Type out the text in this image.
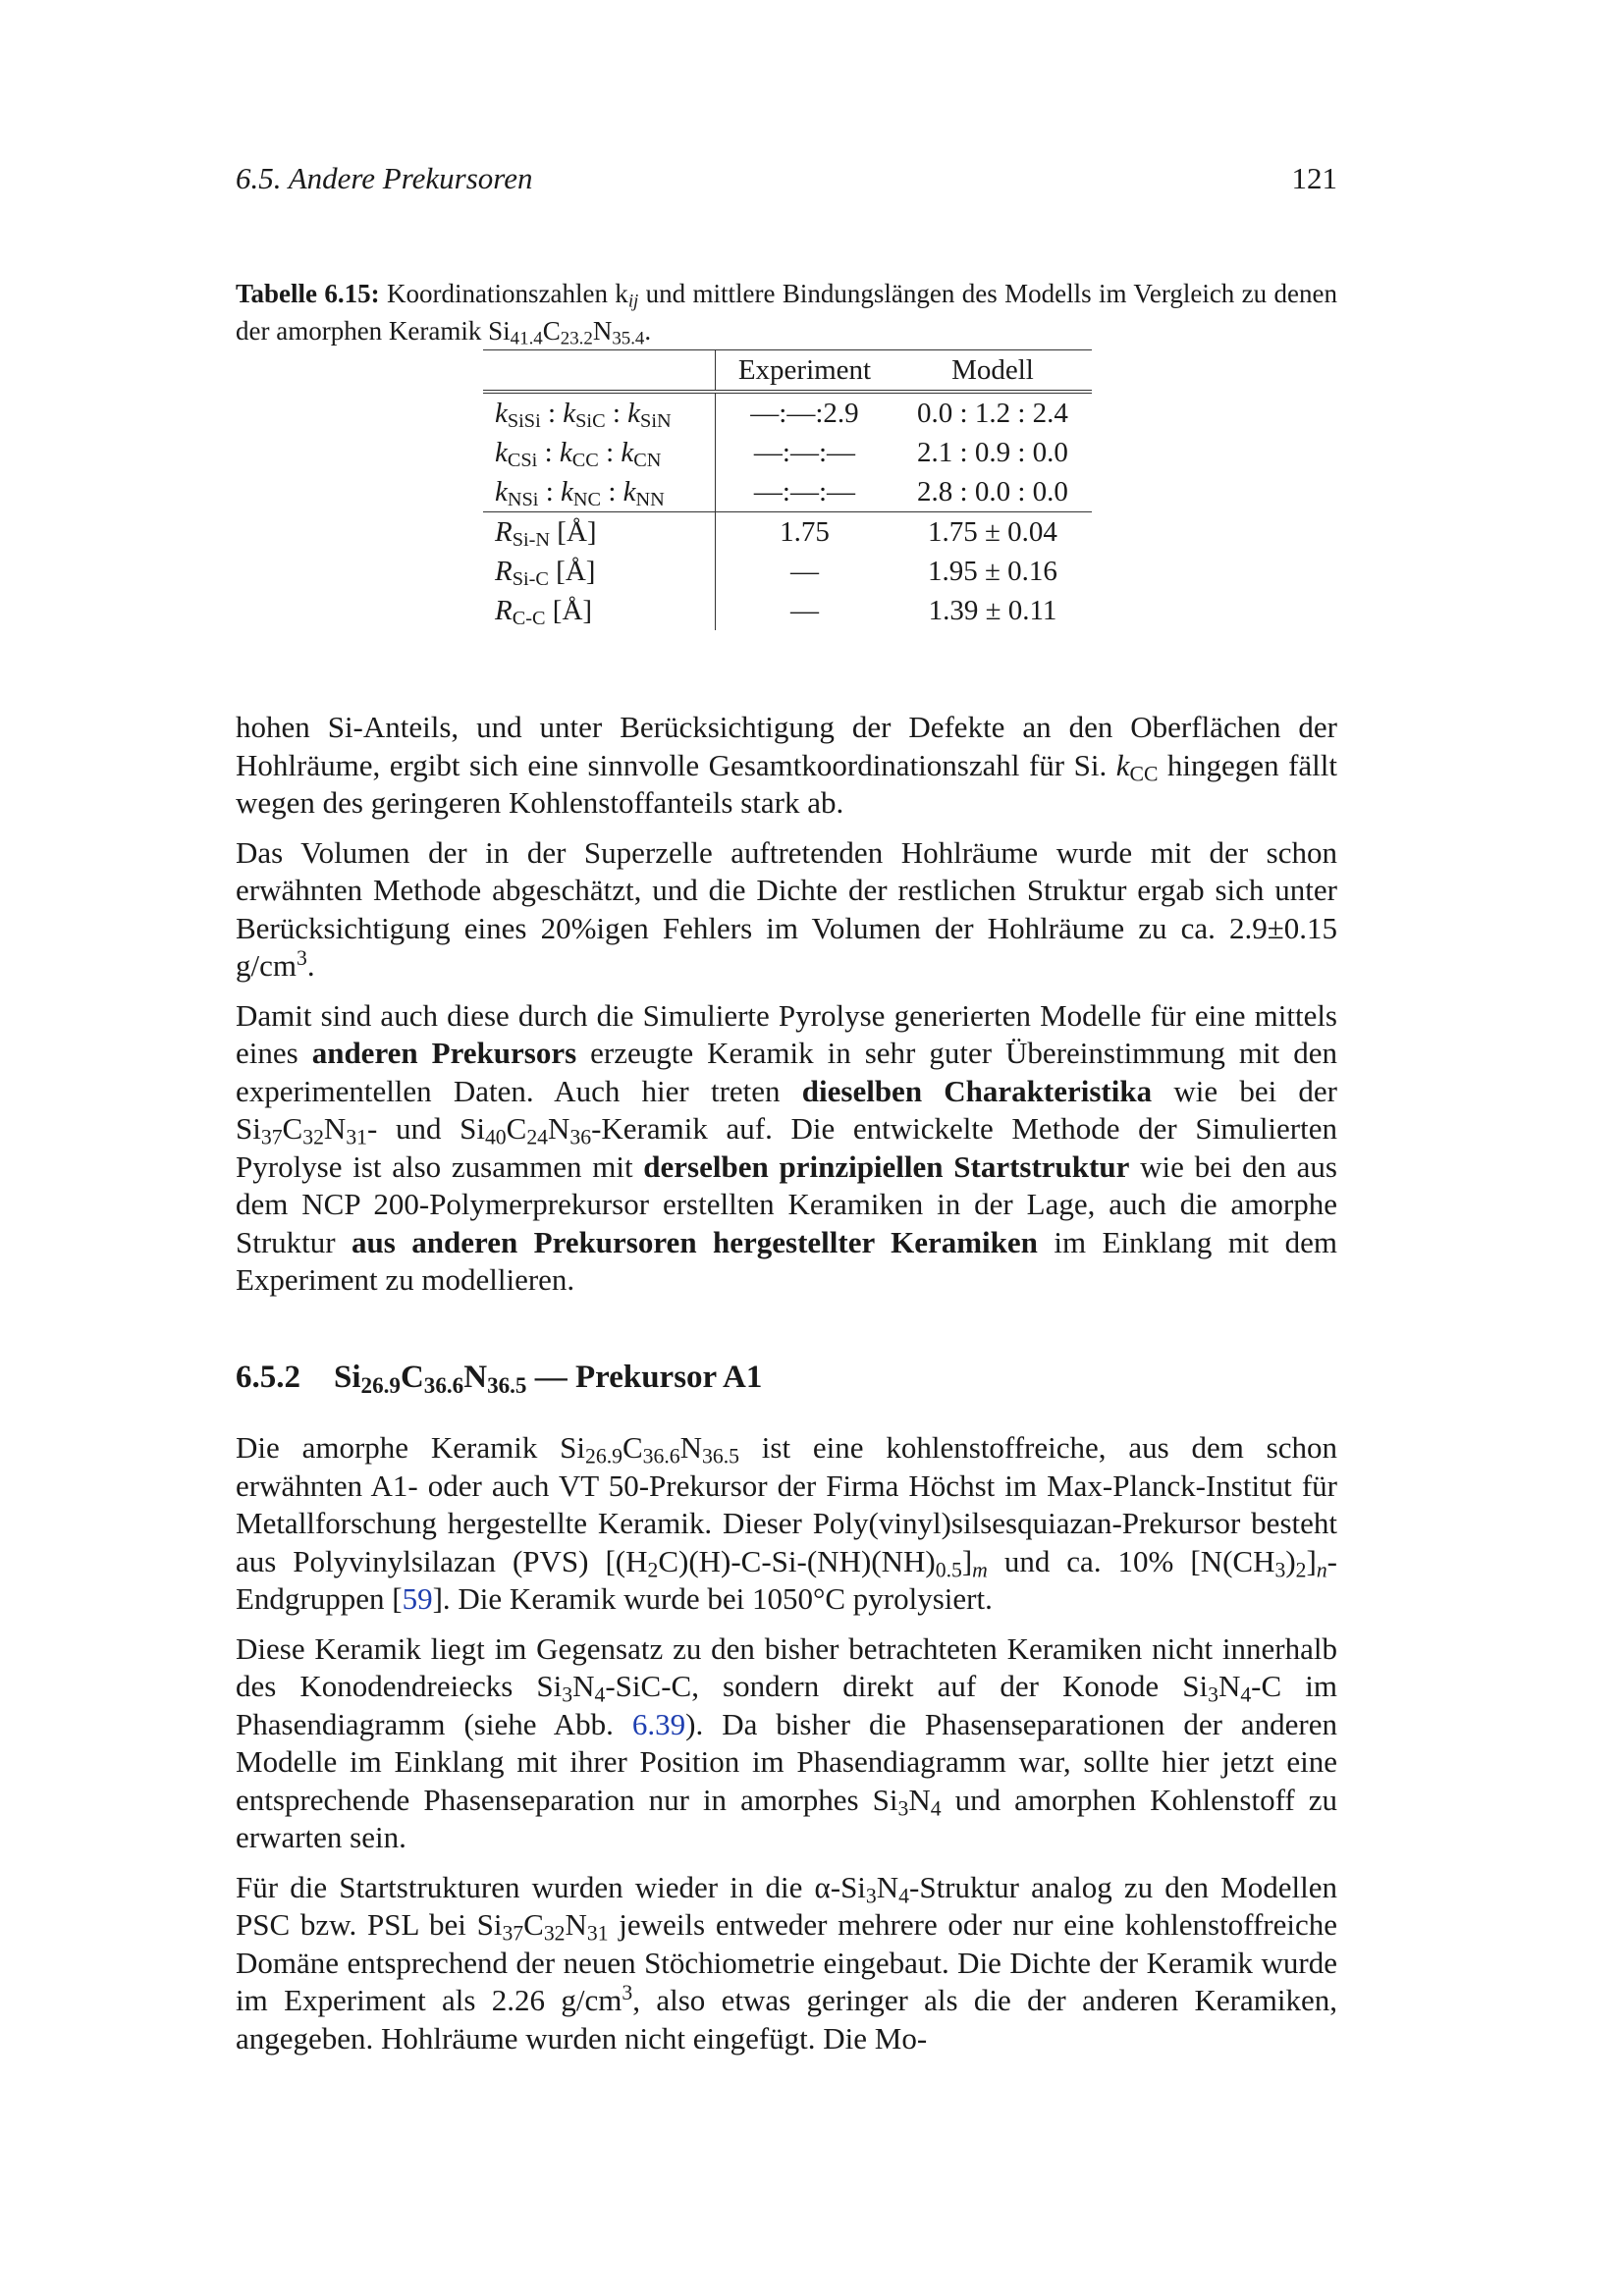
6.5. Andere Prekursoren	121
Tabelle 6.15: Koordinationszahlen $k_{ij}$ und mittlere Bindungslängen des Modells im Vergleich zu denen der amorphen Keramik $Si_{41.4}C_{23.2}N_{35.4}$.
	Experiment	Modell
$k_{SiSi}$ : $k_{SiC}$ : $k_{SiN}$	—:—:2.9	0.0 : 1.2 : 2.4
$k_{CSi}$ : $k_{CC}$ : $k_{CN}$	—:—:—	2.1 : 0.9 : 0.0
$k_{NSi}$ : $k_{NC}$ : $k_{NN}$	—:—:—	2.8 : 0.0 : 0.0
$R_{Si-N}$ [Å]	1.75	1.75 ± 0.04
$R_{Si-C}$ [Å]	—	1.95 ± 0.16
$R_{C-C}$ [Å]	—	1.39 ± 0.11

hohen Si-Anteils, und unter Berücksichtigung der Defekte an den Oberflächen der Hohlräume, ergibt sich eine sinnvolle Gesamtkoordinationszahl für Si. $k_{CC}$ hingegen fällt wegen des geringeren Kohlenstoffanteils stark ab.

Das Volumen der in der Superzelle auftretenden Hohlräume wurde mit der schon erwähnten Methode abgeschätzt, und die Dichte der restlichen Struktur ergab sich unter Berücksichtigung eines 20%igen Fehlers im Volumen der Hohlräume zu ca. 2.9±0.15 $g/cm^3$.

Damit sind auch diese durch die Simulierte Pyrolyse generierten Modelle für eine mittels eines anderen Prekursors erzeugte Keramik in sehr guter Übereinstimmung mit den experimentellen Daten. Auch hier treten dieselben Charakteristika wie bei der $Si_{37}C_{32}N_{31}-$ und $Si_{40}C_{24}N_{36}$-Keramik auf. Die entwickelte Methode der Simulierten Pyrolyse ist also zusammen mit derselben prinzipiellen Startstruktur wie bei den aus dem NCP 200-Polymerprekursor erstellten Keramiken in der Lage, auch die amorphe Struktur aus anderen Prekursoren hergestellter Keramiken im Einklang mit dem Experiment zu modellieren.

6.5.2 $Si_{26.9}C_{36.6}N_{36.5}$ — Prekursor A1

Die amorphe Keramik $Si_{26.9}C_{36.6}N_{36.5}$ ist eine kohlenstoffreiche, aus dem schon erwähnten A1- oder auch VT 50-Prekursor der Firma Höchst im Max-Planck-Institut für Metallforschung hergestellte Keramik. Dieser Poly(vinyl)silsesquiazan-Prekursor besteht aus Polyvinylsilazan (PVS) $[(H_2C)(H)-C-Si-(NH)(NH)_{0.5}]_m$ und ca. 10% $[N(CH_3)_2]_n$-Endgruppen [59]. Die Keramik wurde bei 1050°C pyrolysiert.

Diese Keramik liegt im Gegensatz zu den bisher betrachteten Keramiken nicht innerhalb des Konodendreiecks $Si_3N_4-SiC-C$, sondern direkt auf der Konode $Si_3N_4-C$ im Phasendiagramm (siehe Abb. 6.39). Da bisher die Phasenseparationen der anderen Modelle im Einklang mit ihrer Position im Phasendiagramm war, sollte hier jetzt eine entsprechende Phasenseparation nur in amorphes $Si_3N_4$ und amorphen Kohlenstoff zu erwarten sein.

Für die Startstrukturen wurden wieder in die $\alpha-Si_3N_4$-Struktur analog zu den Modellen PSC bzw. PSL bei $Si_{37}C_{32}N_{31}$ jeweils entweder mehrere oder nur eine kohlenstoffreiche Domäne entsprechend der neuen Stöchiometrie eingebaut. Die Dichte der Keramik wurde im Experiment als 2.26 $g/cm^3$, also etwas geringer als die der anderen Keramiken, angegeben. Hohlräume wurden nicht eingefügt. Die Mo-
